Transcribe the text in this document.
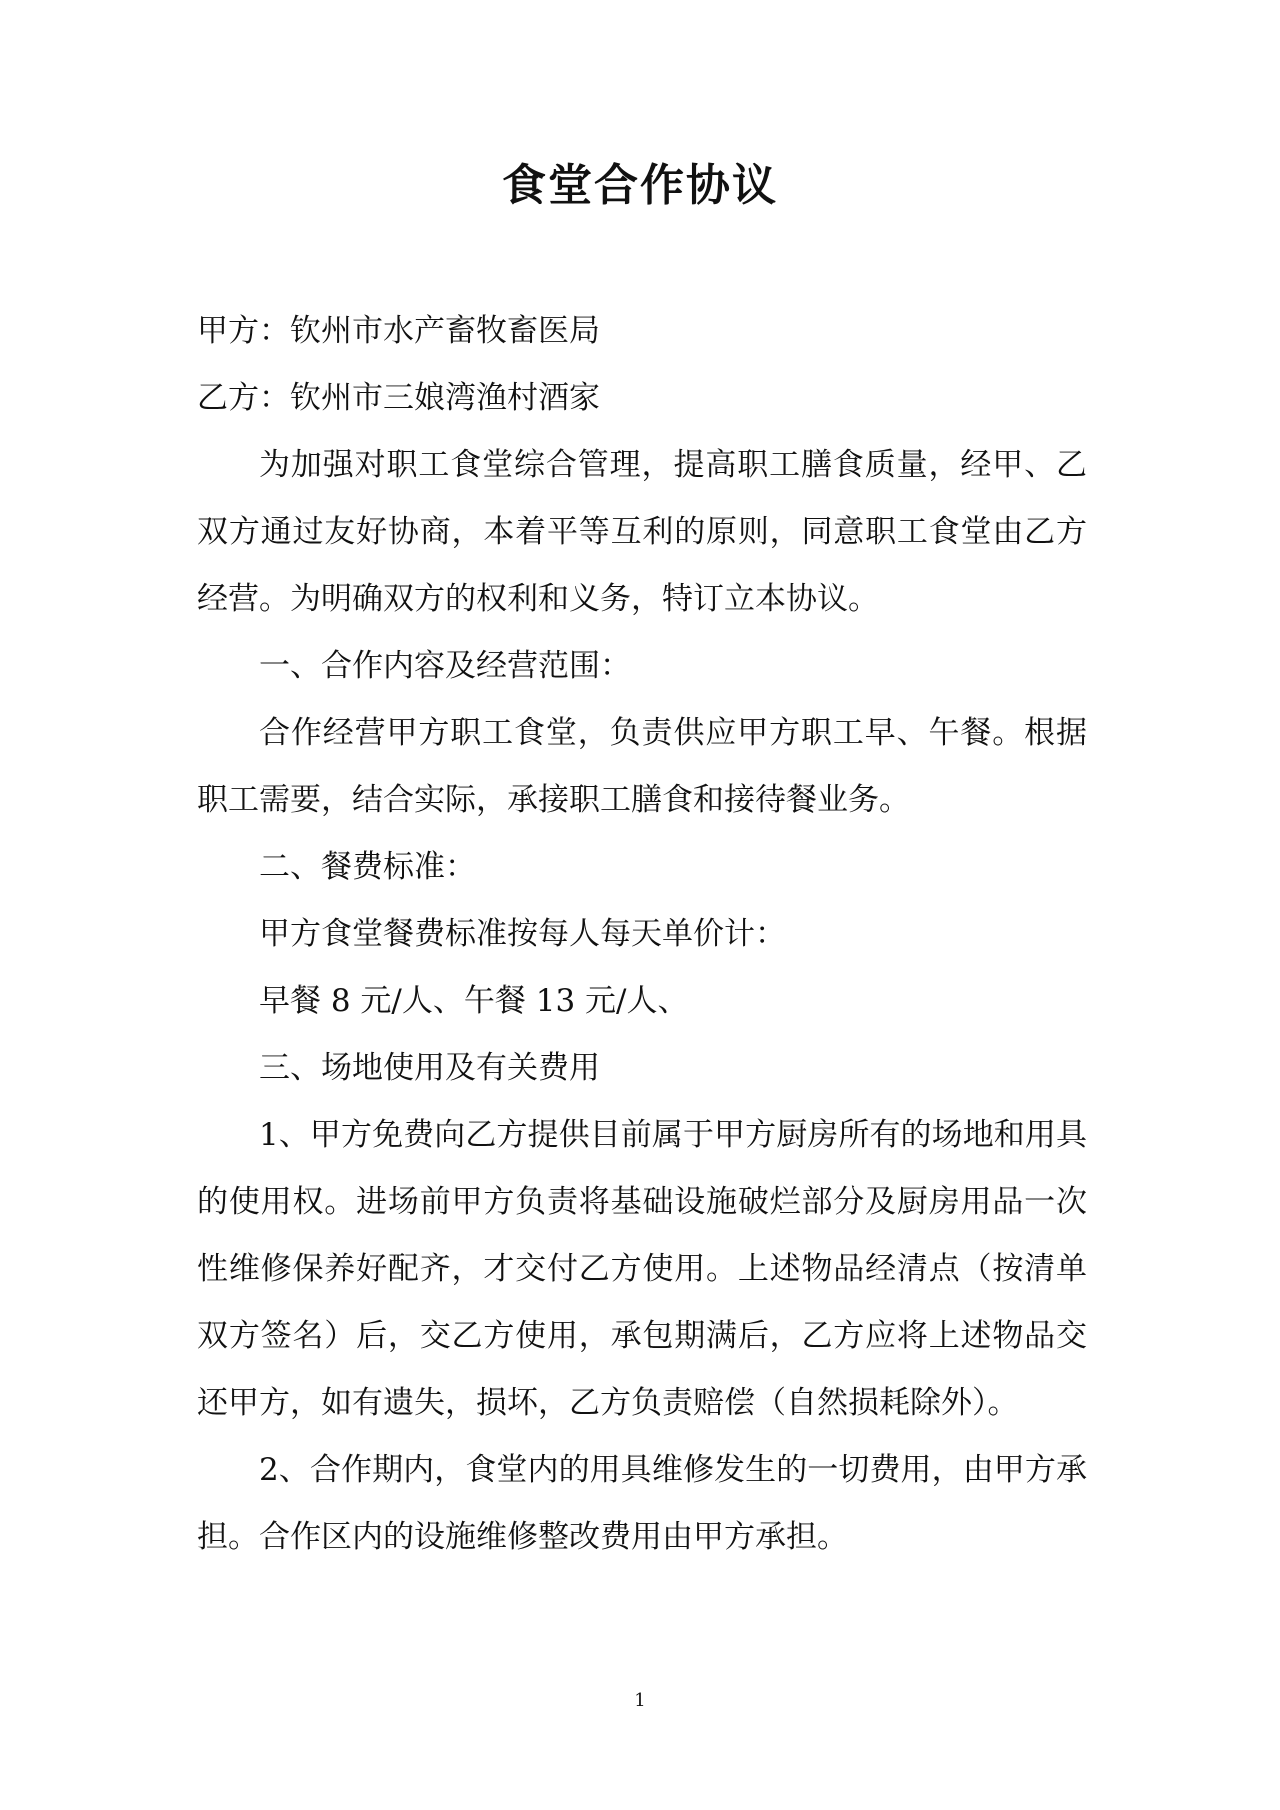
食堂合作协议

甲方：钦州市水产畜牧畜医局

乙方：钦州市三娘湾渔村酒家

为加强对职工食堂综合管理，提高职工膳食质量，经甲、乙双方通过友好协商，本着平等互利的原则，同意职工食堂由乙方经营。为明确双方的权利和义务，特订立本协议。

一、合作内容及经营范围：

合作经营甲方职工食堂，负责供应甲方职工早、午餐。根据职工需要，结合实际，承接职工膳食和接待餐业务。

二、餐费标准：

甲方食堂餐费标准按每人每天单价计：

早餐 8 元/人、午餐 13 元/人、

三、场地使用及有关费用

1、甲方免费向乙方提供目前属于甲方厨房所有的场地和用具的使用权。进场前甲方负责将基础设施破烂部分及厨房用品一次性维修保养好配齐，才交付乙方使用。上述物品经清点（按清单双方签名）后，交乙方使用，承包期满后，乙方应将上述物品交还甲方，如有遗失，损坏，乙方负责赔偿（自然损耗除外）。

2、合作期内，食堂内的用具维修发生的一切费用，由甲方承担。合作区内的设施维修整改费用由甲方承担。

1
